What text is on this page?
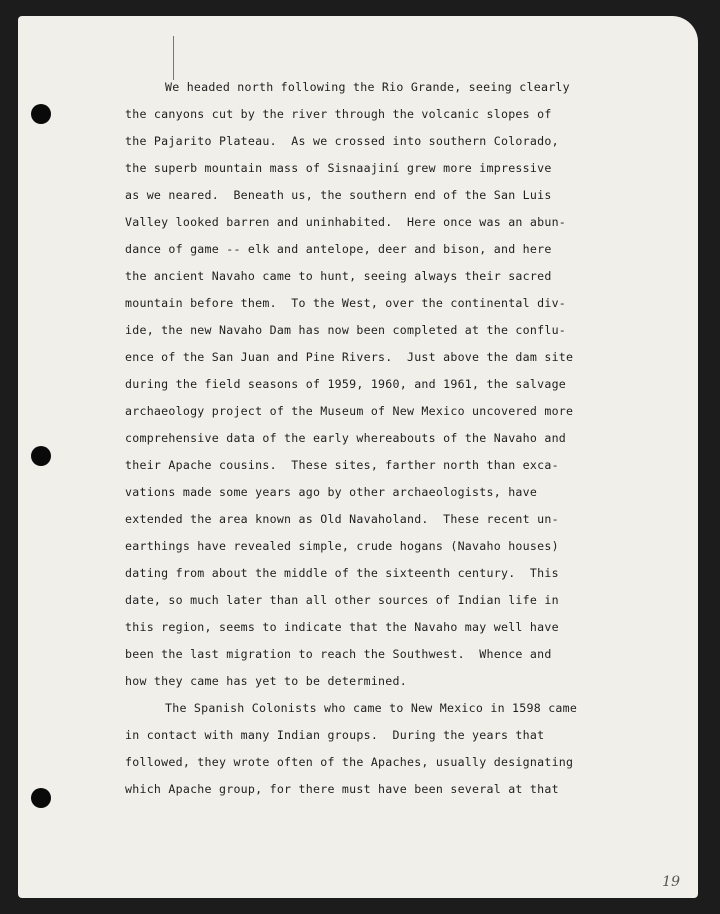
We headed north following the Rio Grande, seeing clearly
the canyons cut by the river through the volcanic slopes of
the Pajarito Plateau.  As we crossed into southern Colorado,
the superb mountain mass of Sisnaajiní grew more impressive
as we neared.  Beneath us, the southern end of the San Luis
Valley looked barren and uninhabited.  Here once was an abun-
dance of game -- elk and antelope, deer and bison, and here
the ancient Navaho came to hunt, seeing always their sacred
mountain before them.  To the West, over the continental div-
ide, the new Navaho Dam has now been completed at the conflu-
ence of the San Juan and Pine Rivers.  Just above the dam site
during the field seasons of 1959, 1960, and 1961, the salvage
archaeology project of the Museum of New Mexico uncovered more
comprehensive data of the early whereabouts of the Navaho and
their Apache cousins.  These sites, farther north than exca-
vations made some years ago by other archaeologists, have
extended the area known as Old Navaholand.  These recent un-
earthings have revealed simple, crude hogans (Navaho houses)
dating from about the middle of the sixteenth century.  This
date, so much later than all other sources of Indian life in
this region, seems to indicate that the Navaho may well have
been the last migration to reach the Southwest.  Whence and
how they came has yet to be determined.
The Spanish Colonists who came to New Mexico in 1598 came
in contact with many Indian groups.  During the years that
followed, they wrote often of the Apaches, usually designating
which Apache group, for there must have been several at that
19
